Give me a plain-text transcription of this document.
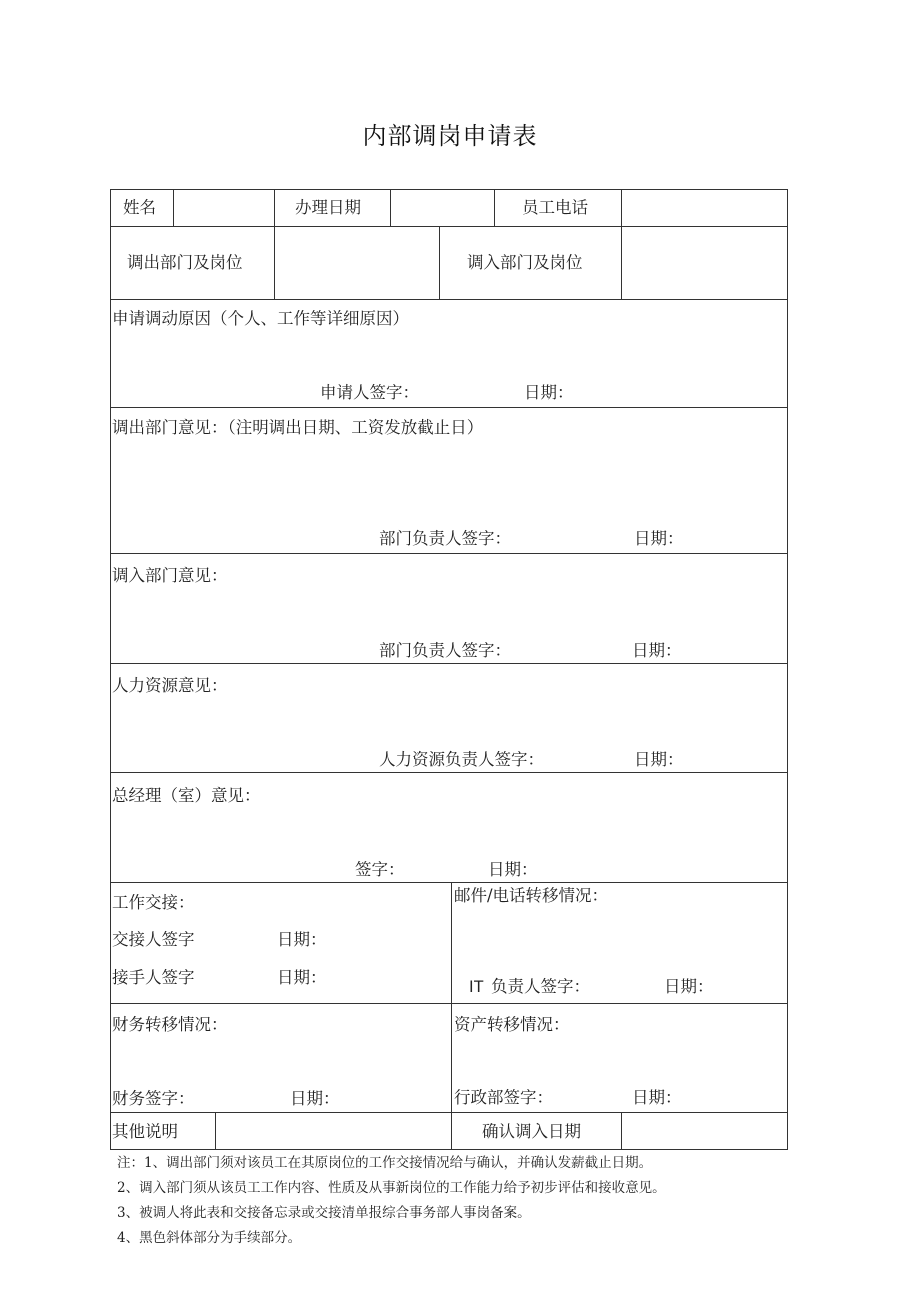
内部调岗申请表
姓名	办理日期	员工电话
调出部门及岗位	调入部门及岗位
申请调动原因（个人、工作等详细原因）
申请人签字：	日期：
调出部门意见：（注明调出日期、工资发放截止日）
部门负责人签字：	日期：
调入部门意见：
部门负责人签字：	日期：
人力资源意见：
人力资源负责人签字：	日期：
总经理（室）意见：
签字：	日期：
工作交接：
交接人签字	日期：
接手人签字	日期：
邮件/电话转移情况：
IT 负责人签字：	日期：
财务转移情况：
财务签字：	日期：
资产转移情况：
行政部签字：	日期：
其他说明	确认调入日期
注：1、调出部门须对该员工在其原岗位的工作交接情况给与确认，并确认发薪截止日期。
2、调入部门须从该员工工作内容、性质及从事新岗位的工作能力给予初步评估和接收意见。
3、被调人将此表和交接备忘录或交接清单报综合事务部人事岗备案。
4、黑色斜体部分为手续部分。
